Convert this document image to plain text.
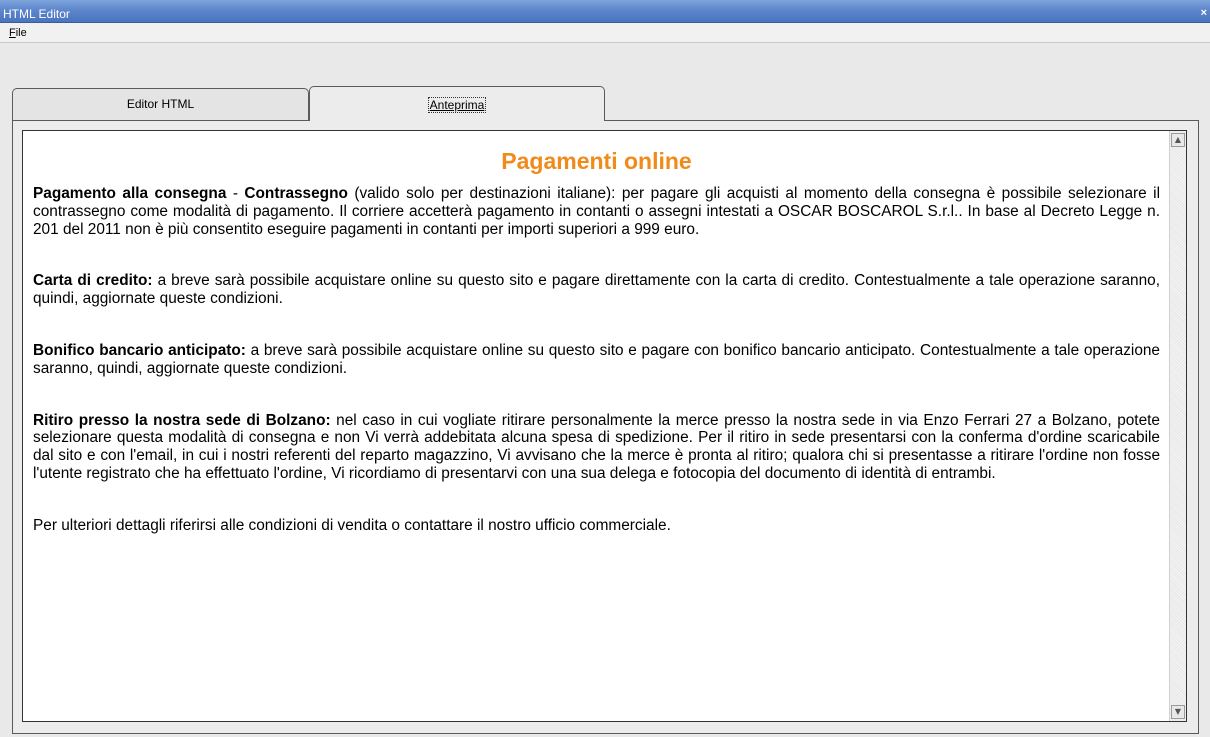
HTML Editor	×
File
Editor HTML	Anteprima
Pagamenti online

Pagamento alla consegna - Contrassegno (valido solo per destinazioni italiane): per pagare gli acquisti al momento della consegna è possibile selezionare il contrassegno come modalità di pagamento. Il corriere accetterà pagamento in contanti o assegni intestati a OSCAR BOSCAROL S.r.l.. In base al Decreto Legge n. 201 del 2011 non è più consentito eseguire pagamenti in contanti per importi superiori a 999 euro.

Carta di credito: a breve sarà possibile acquistare online su questo sito e pagare direttamente con la carta di credito. Contestualmente a tale operazione saranno, quindi, aggiornate queste condizioni.

Bonifico bancario anticipato: a breve sarà possibile acquistare online su questo sito e pagare con bonifico bancario anticipato. Contestualmente a tale operazione saranno, quindi, aggiornate queste condizioni.

Ritiro presso la nostra sede di Bolzano: nel caso in cui vogliate ritirare personalmente la merce presso la nostra sede in via Enzo Ferrari 27 a Bolzano, potete selezionare questa modalità di consegna e non Vi verrà addebitata alcuna spesa di spedizione. Per il ritiro in sede presentarsi con la conferma d'ordine scaricabile dal sito e con l'email, in cui i nostri referenti del reparto magazzino, Vi avvisano che la merce è pronta al ritiro; qualora chi si presentasse a ritirare l'ordine non fosse l'utente registrato che ha effettuato l'ordine, Vi ricordiamo di presentarvi con una sua delega e fotocopia del documento di identità di entrambi.

Per ulteriori dettagli riferirsi alle condizioni di vendita o contattare il nostro ufficio commerciale.

▲
▼
